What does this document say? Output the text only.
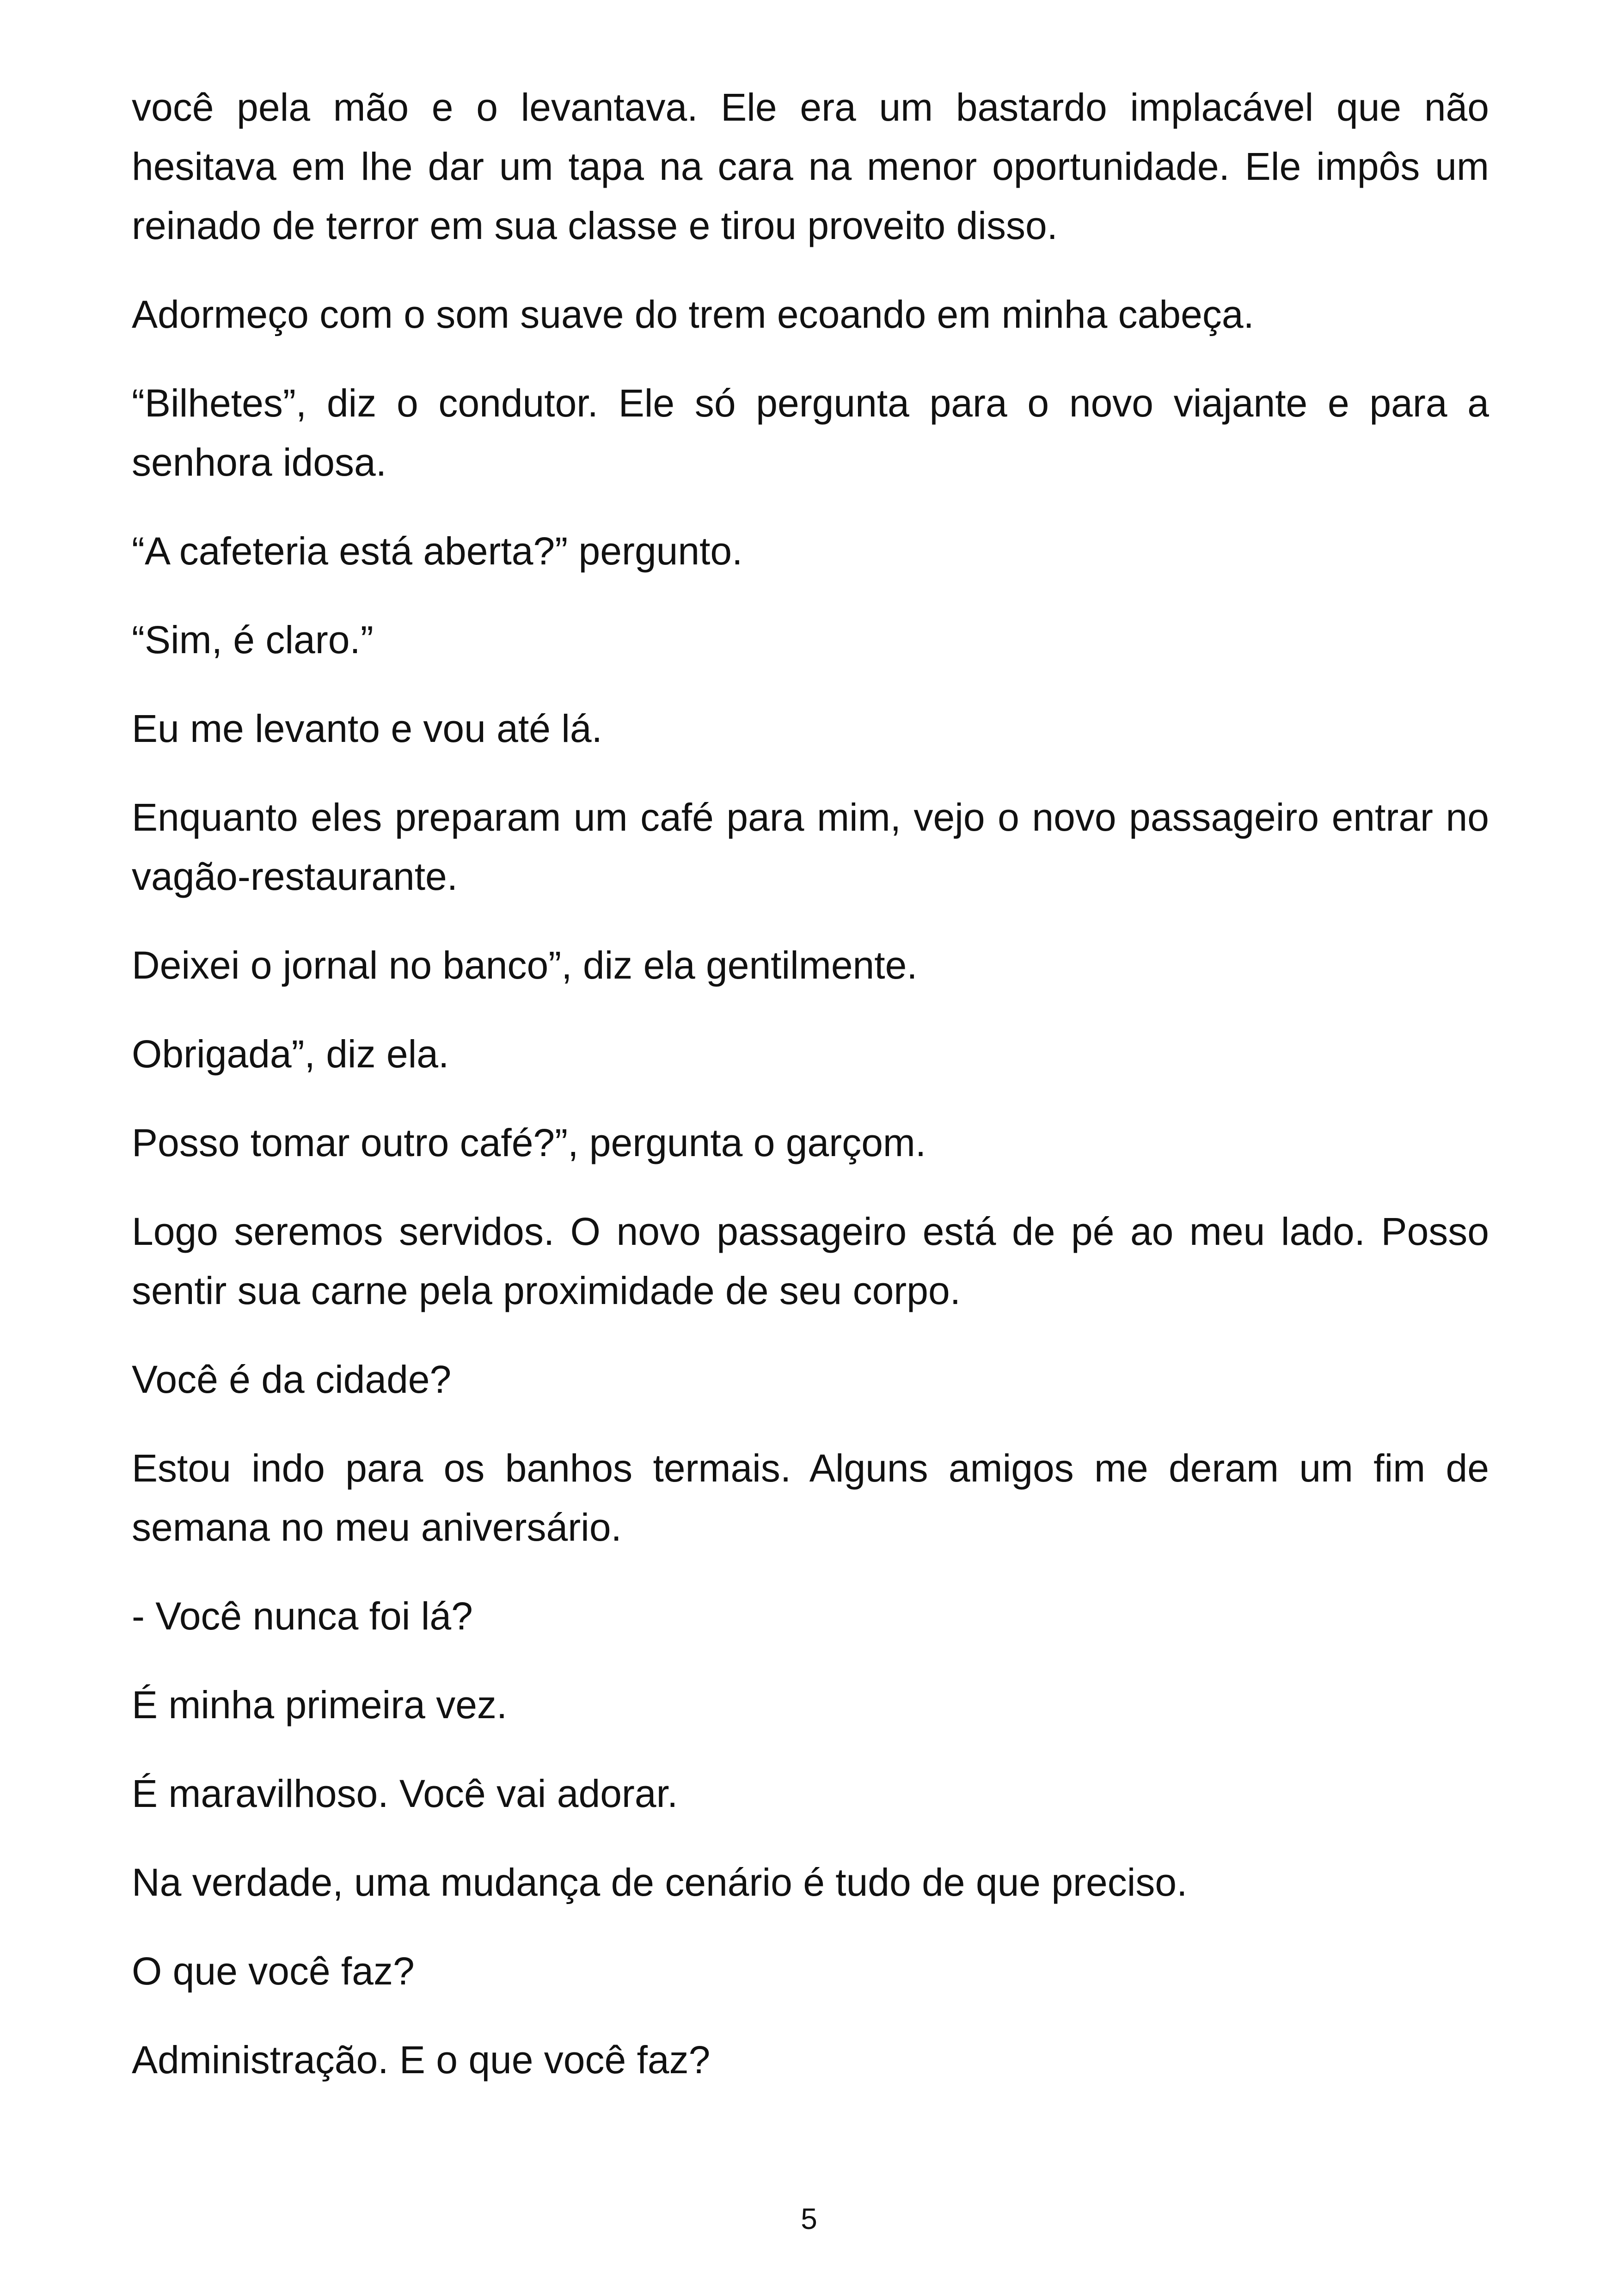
você pela mão e o levantava. Ele era um bastardo implacável que não hesitava em lhe dar um tapa na cara na menor oportunidade. Ele impôs um reinado de terror em sua classe e tirou proveito disso.

Adormeço com o som suave do trem ecoando em minha cabeça.

“Bilhetes”, diz o condutor. Ele só pergunta para o novo viajante e para a senhora idosa.

“A cafeteria está aberta?” pergunto.

“Sim, é claro.”

Eu me levanto e vou até lá.

Enquanto eles preparam um café para mim, vejo o novo passageiro entrar no vagão-restaurante.

Deixei o jornal no banco”, diz ela gentilmente.

Obrigada”, diz ela.

Posso tomar outro café?”, pergunta o garçom.

Logo seremos servidos. O novo passageiro está de pé ao meu lado. Posso sentir sua carne pela proximidade de seu corpo.

Você é da cidade?

Estou indo para os banhos termais. Alguns amigos me deram um fim de semana no meu aniversário.

- Você nunca foi lá?

É minha primeira vez.

É maravilhoso. Você vai adorar.

Na verdade, uma mudança de cenário é tudo de que preciso.

O que você faz?

Administração. E o que você faz?

5
